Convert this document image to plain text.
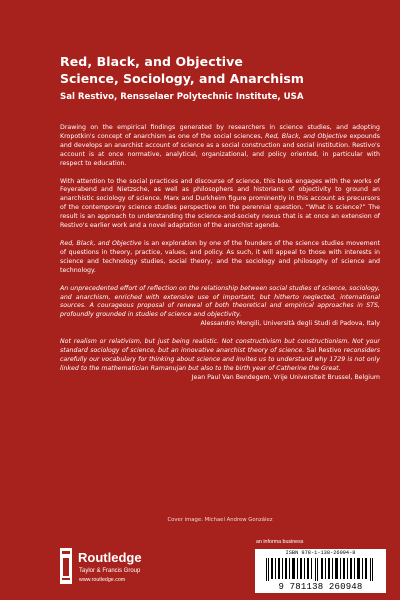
Red, Black, and Objective

Science, Sociology, and Anarchism

Sal Restivo, Rensselaer Polytechnic Institute, USA

Drawing on the empirical findings generated by researchers in science studies, and adopting Kropotkin's concept of anarchism as one of the social sciences, Red, Black, and Objective expounds and develops an anarchist account of science as a social construction and social institution. Restivo's account is at once normative, analytical, organizational, and policy oriented, in particular with respect to education.

With attention to the social practices and discourse of science, this book engages with the works of Feyerabend and Nietzsche, as well as philosophers and historians of objectivity to ground an anarchistic sociology of science. Marx and Durkheim figure prominently in this account as precursors of the contemporary science studies perspective on the perennial question, “What is science?” The result is an approach to understanding the science-and-society nexus that is at once an extension of Restivo's earlier work and a novel adaptation of the anarchist agenda.

Red, Black, and Objective is an exploration by one of the founders of the science studies movement of questions in theory, practice, values, and policy. As such, it will appeal to those with interests in science and technology studies, social theory, and the sociology and philosophy of science and technology.

An unprecedented effort of reflection on the relationship between social studies of science, sociology, and anarchism, enriched with extensive use of important, but hitherto neglected, international sources. A courageous proposal of renewal of both theoretical and empirical approaches in STS, profoundly grounded in studies of science and objectivity.

Alessandro Mongili, Università degli Studi di Padova, Italy

Not realism or relativism, but just being realistic. Not constructivism but constructionism. Not your standard sociology of science, but an innovative anarchist theory of science. Sal Restivo reconsiders carefully our vocabulary for thinking about science and invites us to understand why 1729 is not only linked to the mathematician Ramanujan but also to the birth year of Catherine the Great.

Jean Paul Van Bendegem, Vrije Universiteit Brussel, Belgium

Cover image: Michael Andrew González
Routledge
Taylor & Francis Group
www.routledge.com
an informa business
ISBN 978-1-138-26094-8
9 781138 260948
